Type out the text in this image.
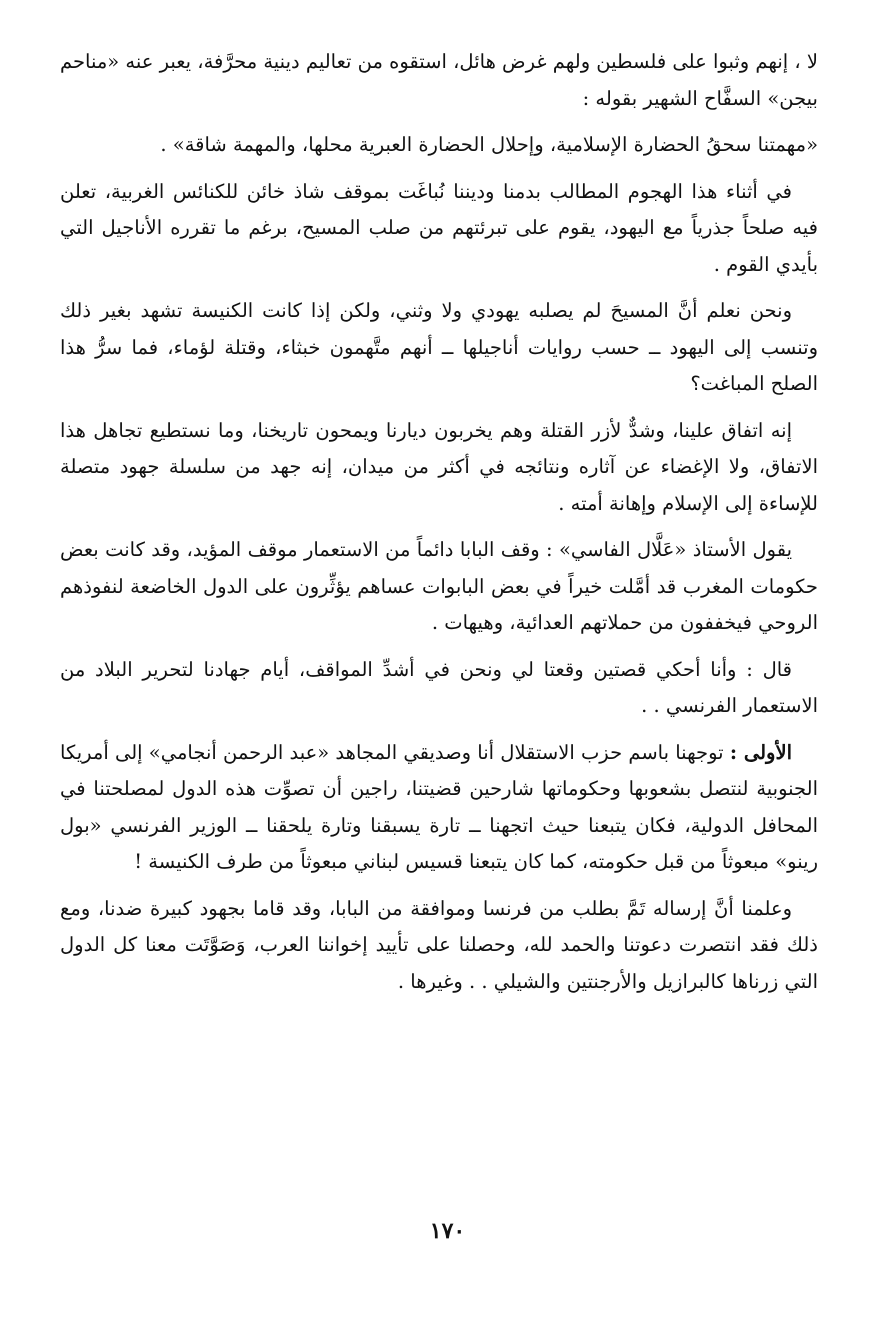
لا ، إنهم وثبوا على فلسطين ولهم غرض هائل، استقوه من تعاليم دينية محرَّفة، يعبر عنه «مناحم بيجن» السفَّاح الشهير بقوله :

«مهمتنا سحقُ الحضارة الإسلامية، وإحلال الحضارة العبرية محلها، والمهمة شاقة» .

في أثناء هذا الهجوم المطالب بدمنا وديننا نُباغَت بموقف شاذ خائن للكنائس الغربية، تعلن فيه صلحاً جذرياً مع اليهود، يقوم على تبرئتهم من صلب المسيح، برغم ما تقرره الأناجيل التي بأيدي القوم .

ونحن نعلم أنَّ المسيحَ لم يصلبه يهودي ولا وثني، ولكن إذا كانت الكنيسة تشهد بغير ذلك وتنسب إلى اليهود ــ حسب روايات أناجيلها ــ أنهم متَّهمون خبثاء، وقتلة لؤماء، فما سرُّ هذا الصلح المباغت؟

إنه اتفاق علينا، وشدٌّ لأزر القتلة وهم يخربون ديارنا ويمحون تاريخنا، وما نستطيع تجاهل هذا الاتفاق، ولا الإغضاء عن آثاره ونتائجه في أكثر من ميدان، إنه جهد من سلسلة جهود متصلة للإساءة إلى الإسلام وإهانة أمته .

يقول الأستاذ «عَلَّال الفاسي» : وقف البابا دائماً من الاستعمار موقف المؤيد، وقد كانت بعض حكومات المغرب قد أمَّلت خيراً في بعض البابوات عساهم يؤثِّرون على الدول الخاضعة لنفوذهم الروحي فيخففون من حملاتهم العدائية، وهيهات .

قال : وأنا أحكي قصتين وقعتا لي ونحن في أشدِّ المواقف، أيام جهادنا لتحرير البلاد من الاستعمار الفرنسي . .

الأولى : توجهنا باسم حزب الاستقلال أنا وصديقي المجاهد «عبد الرحمن أنجامي» إلى أمريكا الجنوبية لنتصل بشعوبها وحكوماتها شارحين قضيتنا، راجين أن تصوِّت هذه الدول لمصلحتنا في المحافل الدولية، فكان يتبعنا حيث اتجهنا ــ تارة يسبقنا وتارة يلحقنا ــ الوزير الفرنسي «بول رينو» مبعوثاً من قبل حكومته، كما كان يتبعنا قسيس لبناني مبعوثاً من طرف الكنيسة !

وعلمنا أنَّ إرساله تَمَّ بطلب من فرنسا وموافقة من البابا، وقد قاما بجهود كبيرة ضدنا، ومع ذلك فقد انتصرت دعوتنا والحمد لله، وحصلنا على تأييد إخواننا العرب، وَصَوَّتَت معنا كل الدول التي زرناها كالبرازيل والأرجنتين والشيلي . . وغيرها .

١٧٠
